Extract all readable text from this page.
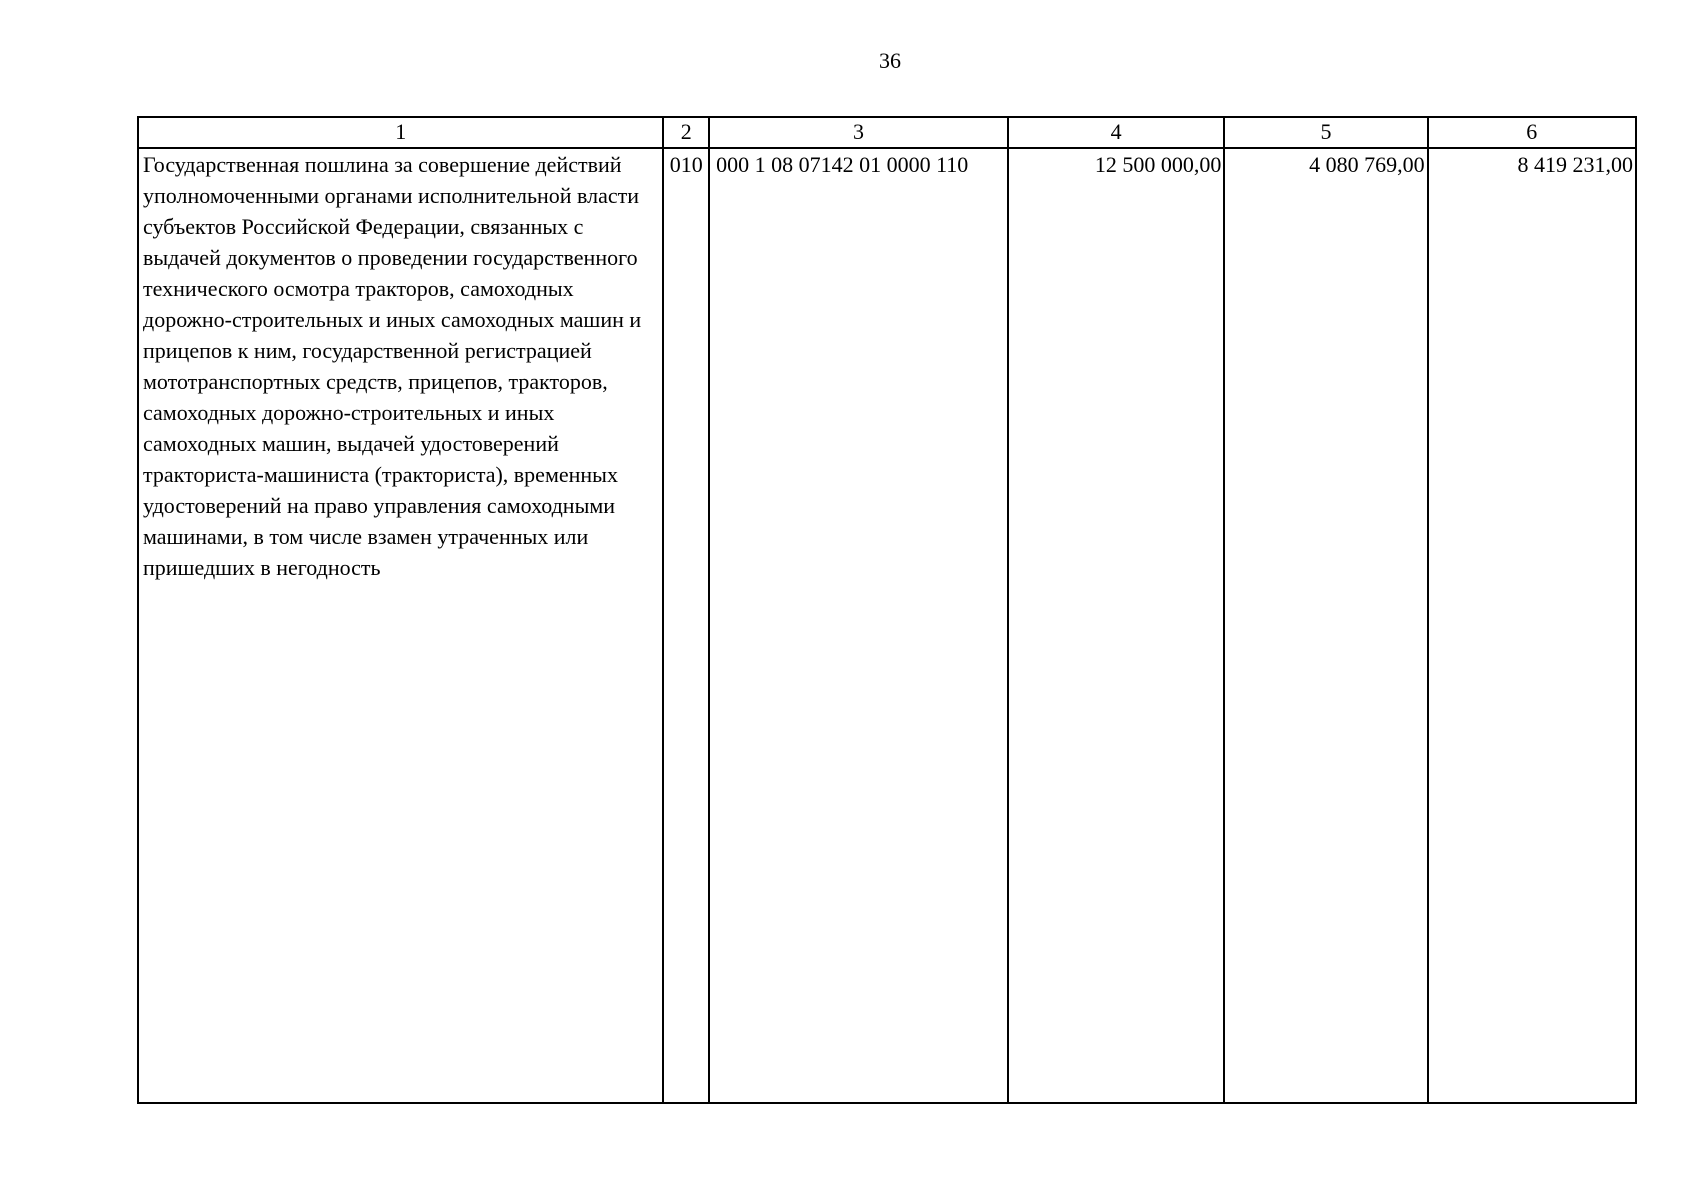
36
1	2	3	4	5	6
Государственная пошлина за совершение действий уполномоченными органами исполнительной власти субъектов Российской Федерации, связанных с выдачей документов о проведении государственного технического осмотра тракторов, самоходных дорожно-строительных и иных самоходных машин и прицепов к ним, государственной регистрацией мототранспортных средств, прицепов, тракторов, самоходных дорожно-строительных и иных самоходных машин, выдачей удостоверений тракториста-машиниста (тракториста), временных удостоверений на право управления самоходными машинами, в том числе взамен утраченных или пришедших в негодность	010	000 1 08 07142 01 0000 110	12 500 000,00	4 080 769,00	8 419 231,00
